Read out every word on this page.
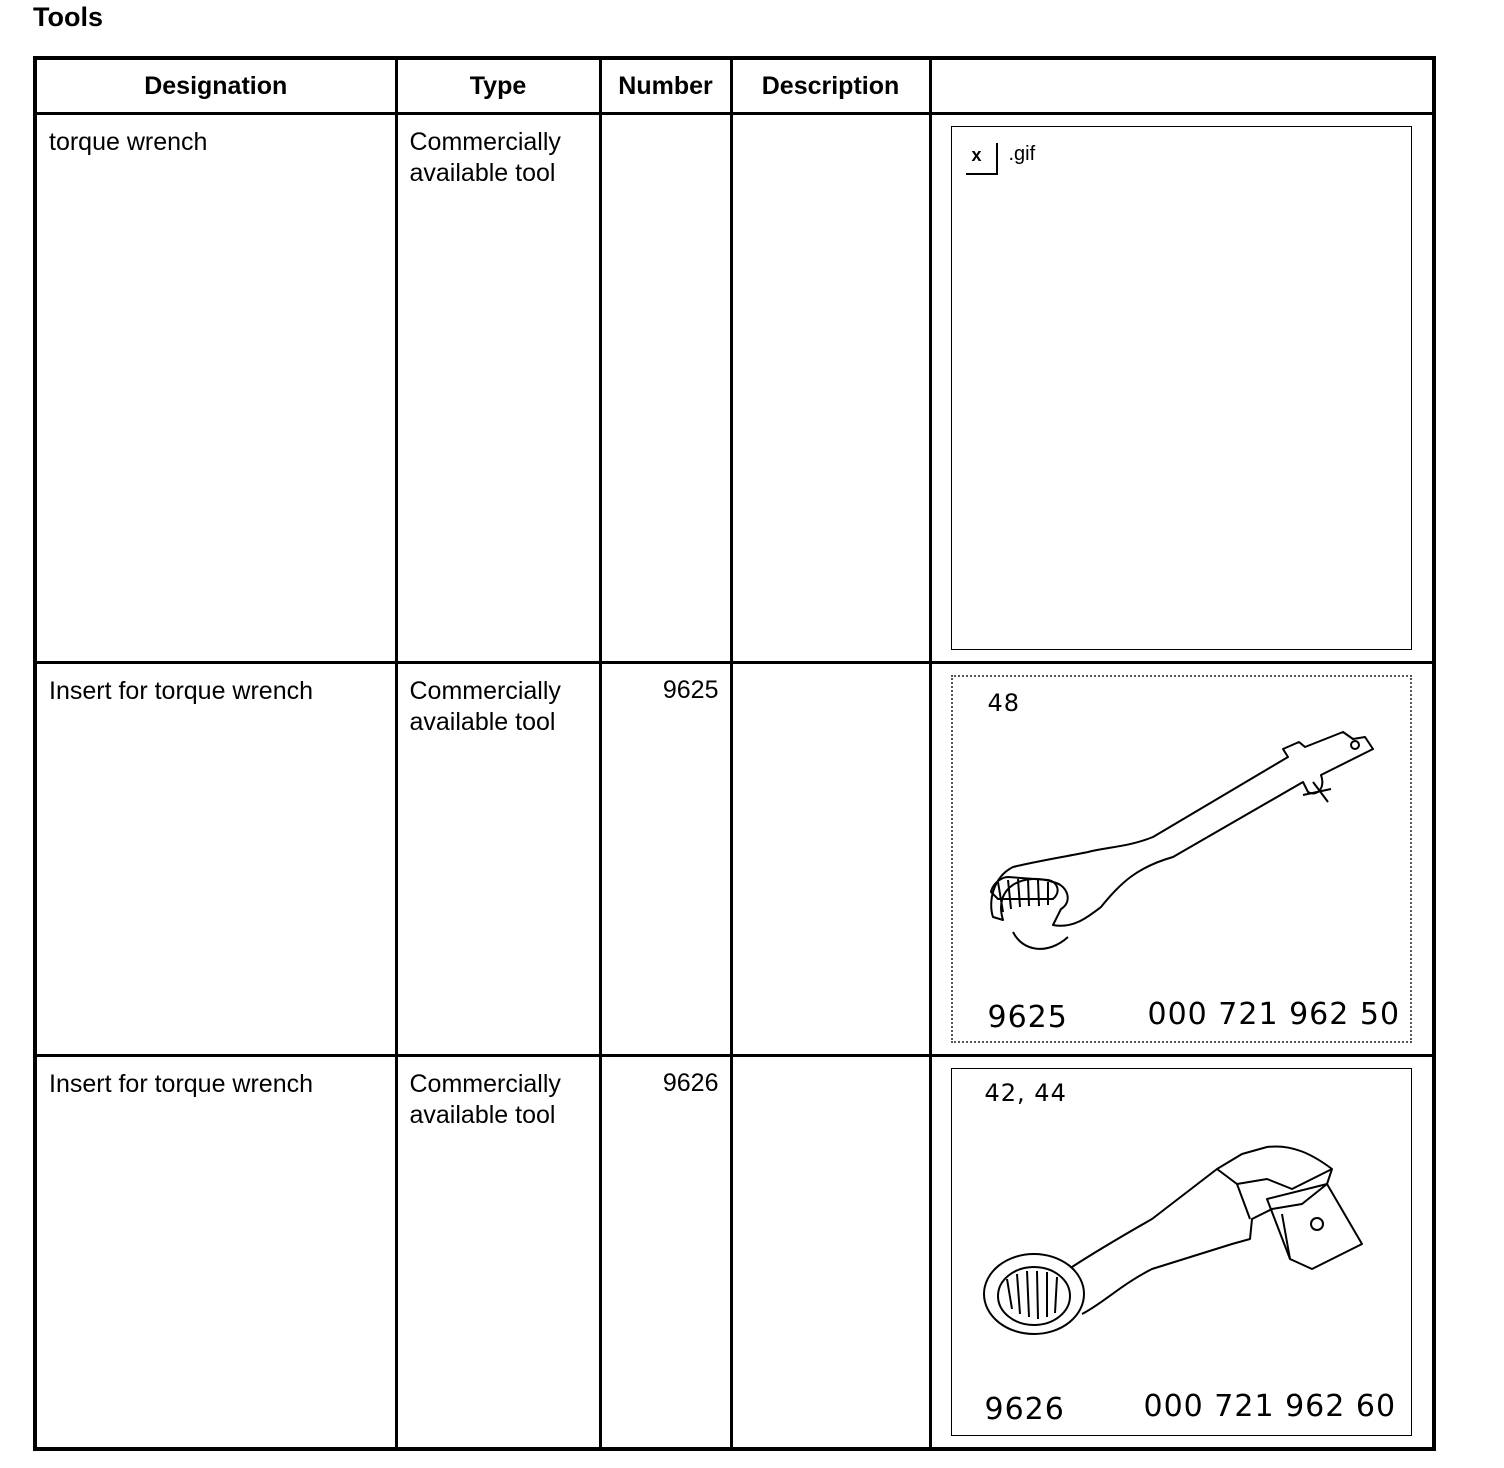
Tools
Designation	Type	Number	Description	

torque wrench	Commercially available tool			x .gif

Insert for torque wrench	Commercially available tool	9625		48
9625 000 721 962 50

Insert for torque wrench	Commercially available tool	9626		42, 44
9626 000 721 962 60
